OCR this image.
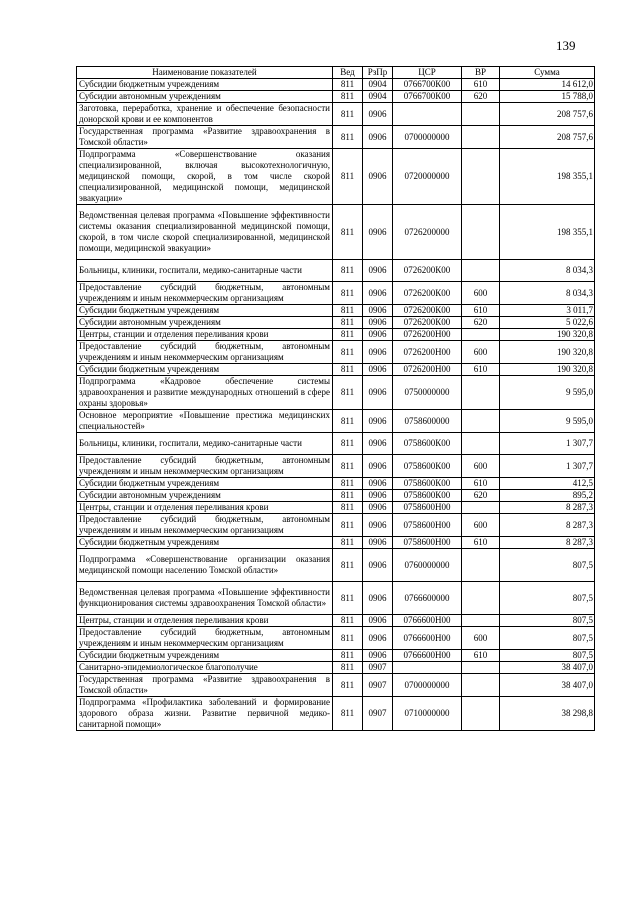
139
Наименование показателей	Вед	РзПр	ЦСР	ВР	Сумма
Субсидии бюджетным учреждениям	811	0904	0766700К00	610	14 612,0
Субсидии автономным учреждениям	811	0904	0766700К00	620	15 788,0
Заготовка, переработка, хранение и обеспечение безопасности донорской крови и ее компонентов	811	0906			208 757,6
Государственная программа «Развитие здравоохранения в Томской области»	811	0906	0700000000		208 757,6
Подпрограмма «Совершенствование оказания специализированной, включая высокотехнологичную, медицинской помощи, скорой, в том числе скорой специализированной, медицинской помощи, медицинской эвакуации»	811	0906	0720000000		198 355,1
Ведомственная целевая программа «Повышение эффективности системы оказания специализированной медицинской помощи, скорой, в том числе скорой специализированной, медицинской помощи, медицинской эвакуации»	811	0906	0726200000		198 355,1
Больницы, клиники, госпитали, медико-санитарные части	811	0906	0726200К00		8 034,3
Предоставление субсидий бюджетным, автономным учреждениям и иным некоммерческим организациям	811	0906	0726200К00	600	8 034,3
Субсидии бюджетным учреждениям	811	0906	0726200К00	610	3 011,7
Субсидии автономным учреждениям	811	0906	0726200К00	620	5 022,6
Центры, станции и отделения переливания крови	811	0906	0726200Н00		190 320,8
Предоставление субсидий бюджетным, автономным учреждениям и иным некоммерческим организациям	811	0906	0726200Н00	600	190 320,8
Субсидии бюджетным учреждениям	811	0906	0726200Н00	610	190 320,8
Подпрограмма «Кадровое обеспечение системы здравоохранения и развитие международных отношений в сфере охраны здоровья»	811	0906	0750000000		9 595,0
Основное мероприятие «Повышение престижа медицинских специальностей»	811	0906	0758600000		9 595,0
Больницы, клиники, госпитали, медико-санитарные части	811	0906	0758600К00		1 307,7
Предоставление субсидий бюджетным, автономным учреждениям и иным некоммерческим организациям	811	0906	0758600К00	600	1 307,7
Субсидии бюджетным учреждениям	811	0906	0758600К00	610	412,5
Субсидии автономным учреждениям	811	0906	0758600К00	620	895,2
Центры, станции и отделения переливания крови	811	0906	0758600Н00		8 287,3
Предоставление субсидий бюджетным, автономным учреждениям и иным некоммерческим организациям	811	0906	0758600Н00	600	8 287,3
Субсидии бюджетным учреждениям	811	0906	0758600Н00	610	8 287,3
Подпрограмма «Совершенствование организации оказания медицинской помощи населению Томской области»	811	0906	0760000000		807,5
Ведомственная целевая программа «Повышение эффективности функционирования системы здравоохранения Томской области»	811	0906	0766600000		807,5
Центры, станции и отделения переливания крови	811	0906	0766600Н00		807,5
Предоставление субсидий бюджетным, автономным учреждениям и иным некоммерческим организациям	811	0906	0766600Н00	600	807,5
Субсидии бюджетным учреждениям	811	0906	0766600Н00	610	807,5
Санитарно-эпидемиологическое благополучие	811	0907			38 407,0
Государственная программа «Развитие здравоохранения в Томской области»	811	0907	0700000000		38 407,0
Подпрограмма «Профилактика заболеваний и формирование здорового образа жизни. Развитие первичной медико-санитарной помощи»	811	0907	0710000000		38 298,8
